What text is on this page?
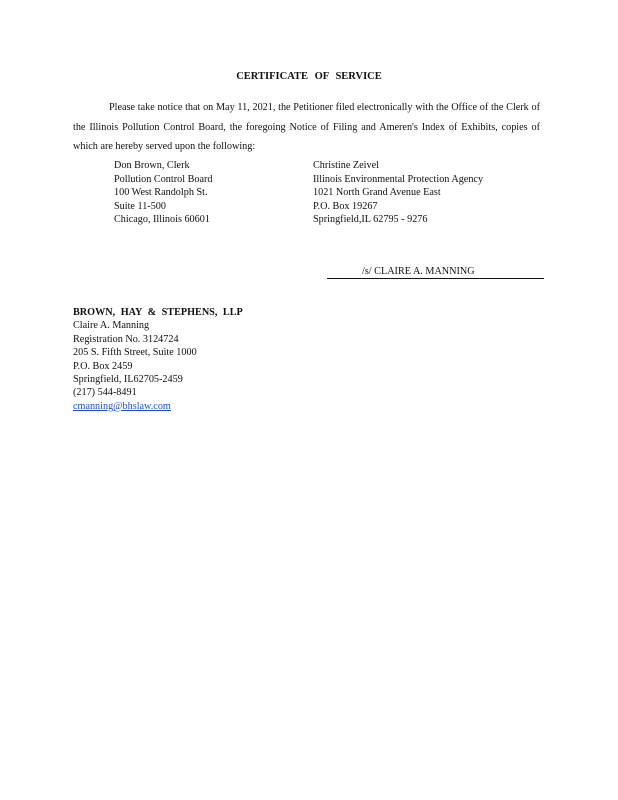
CERTIFICATE OF SERVICE

Please take notice that on May 11, 2021, the Petitioner filed electronically with the Office of the Clerk of the Illinois Pollution Control Board, the foregoing Notice of Filing and Ameren's Index of Exhibits, copies of which are hereby served upon the following:

Don Brown, Clerk
Pollution Control Board
100 West Randolph St.
Suite 11-500
Chicago, Illinois 60601
Christine Zeivel
Illinois Environmental Protection Agency
1021 North Grand Avenue East
P.O. Box 19267
Springfield,IL 62795 - 9276
/s/ CLAIRE A. MANNING
BROWN, HAY & STEPHENS, LLP
Claire A. Manning
Registration No. 3124724
205 S. Fifth Street, Suite 1000
P.O. Box 2459
Springfield, IL62705-2459
(217) 544-8491
cmanning@bhslaw.com
